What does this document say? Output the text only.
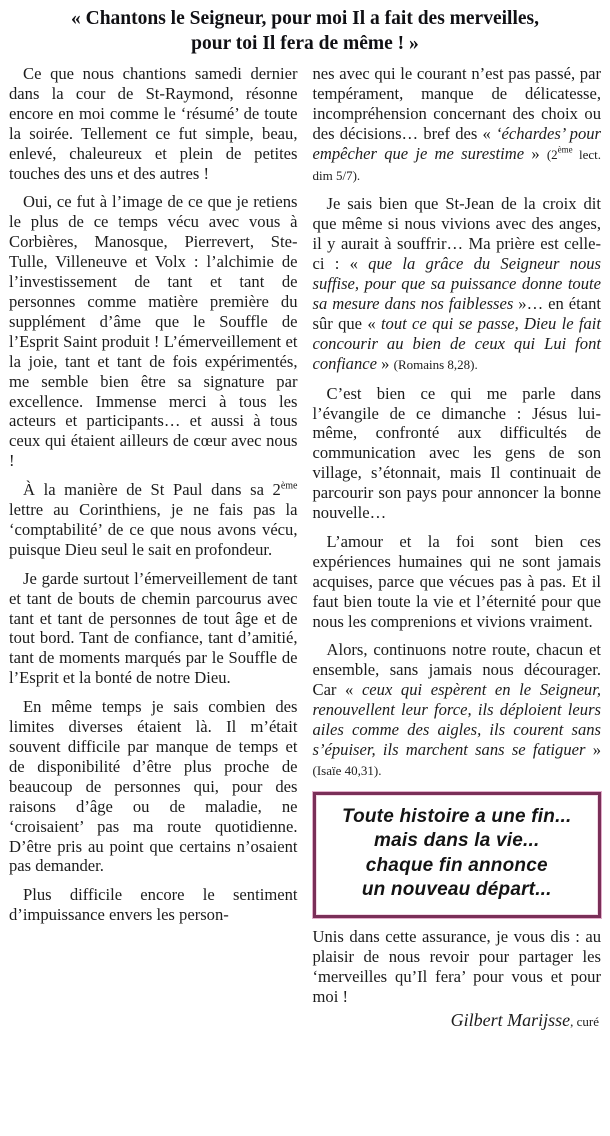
« Chantons le Seigneur, pour moi Il a fait des merveilles,
pour toi Il fera de même ! »

Ce que nous chantions samedi dernier dans la cour de St-Raymond, résonne encore en moi comme le ‘résumé’ de toute la soirée. Tellement ce fut simple, beau, enlevé, chaleureux et plein de petites touches des uns et des autres !

Oui, ce fut à l’image de ce que je retiens le plus de ce temps vécu avec vous à Corbières, Manosque, Pierrevert, Ste-Tulle, Villeneuve et Volx : l’alchimie de l’investissement de tant et tant de personnes comme matière première du supplément d’âme que le Souffle de l’Esprit Saint produit ! L’émerveillement et la joie, tant et tant de fois expérimentés, me semble bien être sa signature par excellence. Immense merci à tous les acteurs et participants… et aussi à tous ceux qui étaient ailleurs de cœur avec nous !

À la manière de St Paul dans sa 2ème lettre au Corinthiens, je ne fais pas la ‘comptabilité’ de ce que nous avons vécu, puisque Dieu seul le sait en profondeur.

Je garde surtout l’émerveillement de tant et tant de bouts de chemin parcourus avec tant et tant de personnes de tout âge et de tout bord. Tant de confiance, tant d’amitié, tant de moments marqués par le Souffle de l’Esprit et la bonté de notre Dieu.

En même temps je sais combien des limites diverses étaient là. Il m’était souvent difficile par manque de temps et de disponibilité d’être plus proche de beaucoup de personnes qui, pour des raisons d’âge ou de maladie, ne ‘croisaient’ pas ma route quotidienne. D’être pris au point que certains n’osaient pas demander.

Plus difficile encore le sentiment d’impuissance envers les person-

nes avec qui le courant n’est pas passé, par tempérament, manque de délicatesse, incompréhension concernant des choix ou des décisions… bref des « ‘échardes’ pour empêcher que je me surestime » (2ème lect. dim 5/7).

Je sais bien que St-Jean de la croix dit que même si nous vivions avec des anges, il y aurait à souffrir… Ma prière est celle-ci : « que la grâce du Seigneur nous suffise, pour que sa puissance donne toute sa mesure dans nos faiblesses »… en étant sûr que « tout ce qui se passe, Dieu le fait concourir au bien de ceux qui Lui font confiance » (Romains 8,28).

C’est bien ce qui me parle dans l’évangile de ce dimanche : Jésus lui-même, confronté aux difficultés de communication avec les gens de son village, s’étonnait, mais Il continuait de parcourir son pays pour annoncer la bonne nouvelle…

L’amour et la foi sont bien ces expériences humaines qui ne sont jamais acquises, parce que vécues pas à pas. Et il faut bien toute la vie et l’éternité pour que nous les comprenions et vivions vraiment.

Alors, continuons notre route, chacun et ensemble, sans jamais nous décourager. Car « ceux qui espèrent en le Seigneur, renouvellent leur force, ils déploient leurs ailes comme des aigles, ils courent sans s’épuiser, ils marchent sans se fatiguer » (Isaïe 40,31).

Toute histoire a une fin...
mais dans la vie...
chaque fin annonce
un nouveau départ...

Unis dans cette assurance, je vous dis : au plaisir de nous revoir pour partager les ‘merveilles qu’Il fera’ pour vous et pour moi !

Gilbert Marijsse, curé
